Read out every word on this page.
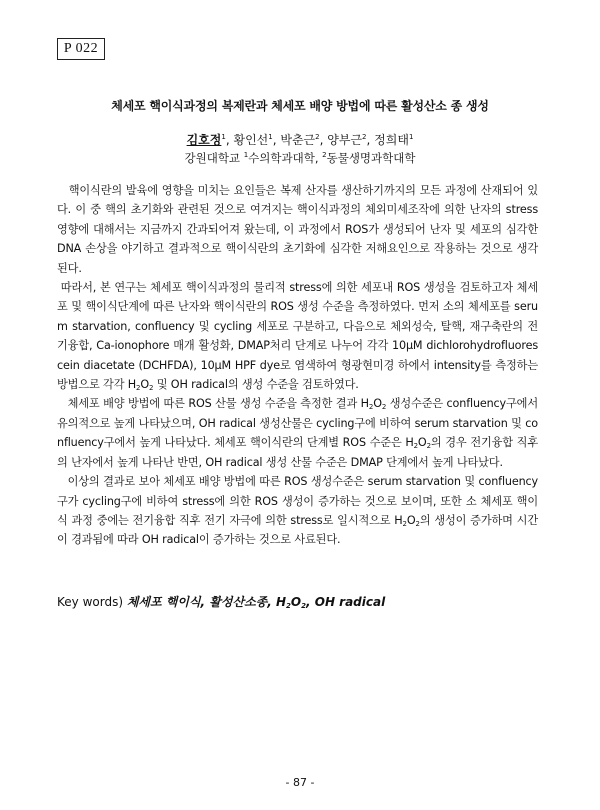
P 022
체세포 핵이식과정의 복제란과 체세포 배양 방법에 따른 활성산소 종 생성
김호정$^1$, 황인선$^1$, 박춘근$^2$, 양부근$^2$, 정희태$^1$
강원대학교 $^1$수의학과대학, $^2$동물생명과학대학

핵이식란의 발육에 영향을 미치는 요인들은 복제 산자를 생산하기까지의 모든 과정에 산재되어 있다. 이 중 핵의 초기화와 관련된 것으로 여겨지는 핵이식과정의 체외미세조작에 의한 난자의 stress 영향에 대해서는 지금까지 간과되어져 왔는데, 이 과정에서 ROS가 생성되어 난자 및 세포의 심각한 DNA 손상을 야기하고 결과적으로 핵이식란의 초기화에 심각한 저해요인으로 작용하는 것으로 생각된다.

따라서, 본 연구는 체세포 핵이식과정의 물리적 stress에 의한 세포내 ROS 생성을 검토하고자 체세포 및 핵이식단계에 따른 난자와 핵이식란의 ROS 생성 수준을 측정하였다. 먼저 소의 체세포를 serum starvation, confluency 및 cycling 세포로 구분하고, 다음으로 체외성숙, 탈핵, 재구축란의 전기융합, Ca-ionophore 매개 활성화, DMAP처리 단계로 나누어 각각 10μM dichlorohydrofluorescein diacetate (DCHFDA), 10μM HPF dye로 염색하여 형광현미경 하에서 intensity를 측정하는 방법으로 각각 $H_2O_2$ 및 OH radical의 생성 수준을 검토하였다.

체세포 배양 방법에 따른 ROS 산물 생성 수준을 측정한 결과 $H_2O_2$ 생성수준은 confluency구에서 유의적으로 높게 나타났으며, OH radical 생성산물은 cycling구에 비하여 serum starvation 및 confluency구에서 높게 나타났다. 체세포 핵이식란의 단계별 ROS 수준은 $H_2O_2$의 경우 전기융합 직후의 난자에서 높게 나타난 반면, OH radical 생성 산물 수준은 DMAP 단계에서 높게 나타났다.

이상의 결과로 보아 체세포 배양 방법에 따른 ROS 생성수준은 serum starvation 및 confluency구가 cycling구에 비하여 stress에 의한 ROS 생성이 증가하는 것으로 보이며, 또한 소 체세포 핵이식 과정 중에는 전기융합 직후 전기 자극에 의한 stress로 일시적으로 $H_2O_2$의 생성이 증가하며 시간이 경과됨에 따라 OH radical이 증가하는 것으로 사료된다.

Key words) 체세포 핵이식, 활성산소종, $H_2O_2$, OH radical
- 87 -
